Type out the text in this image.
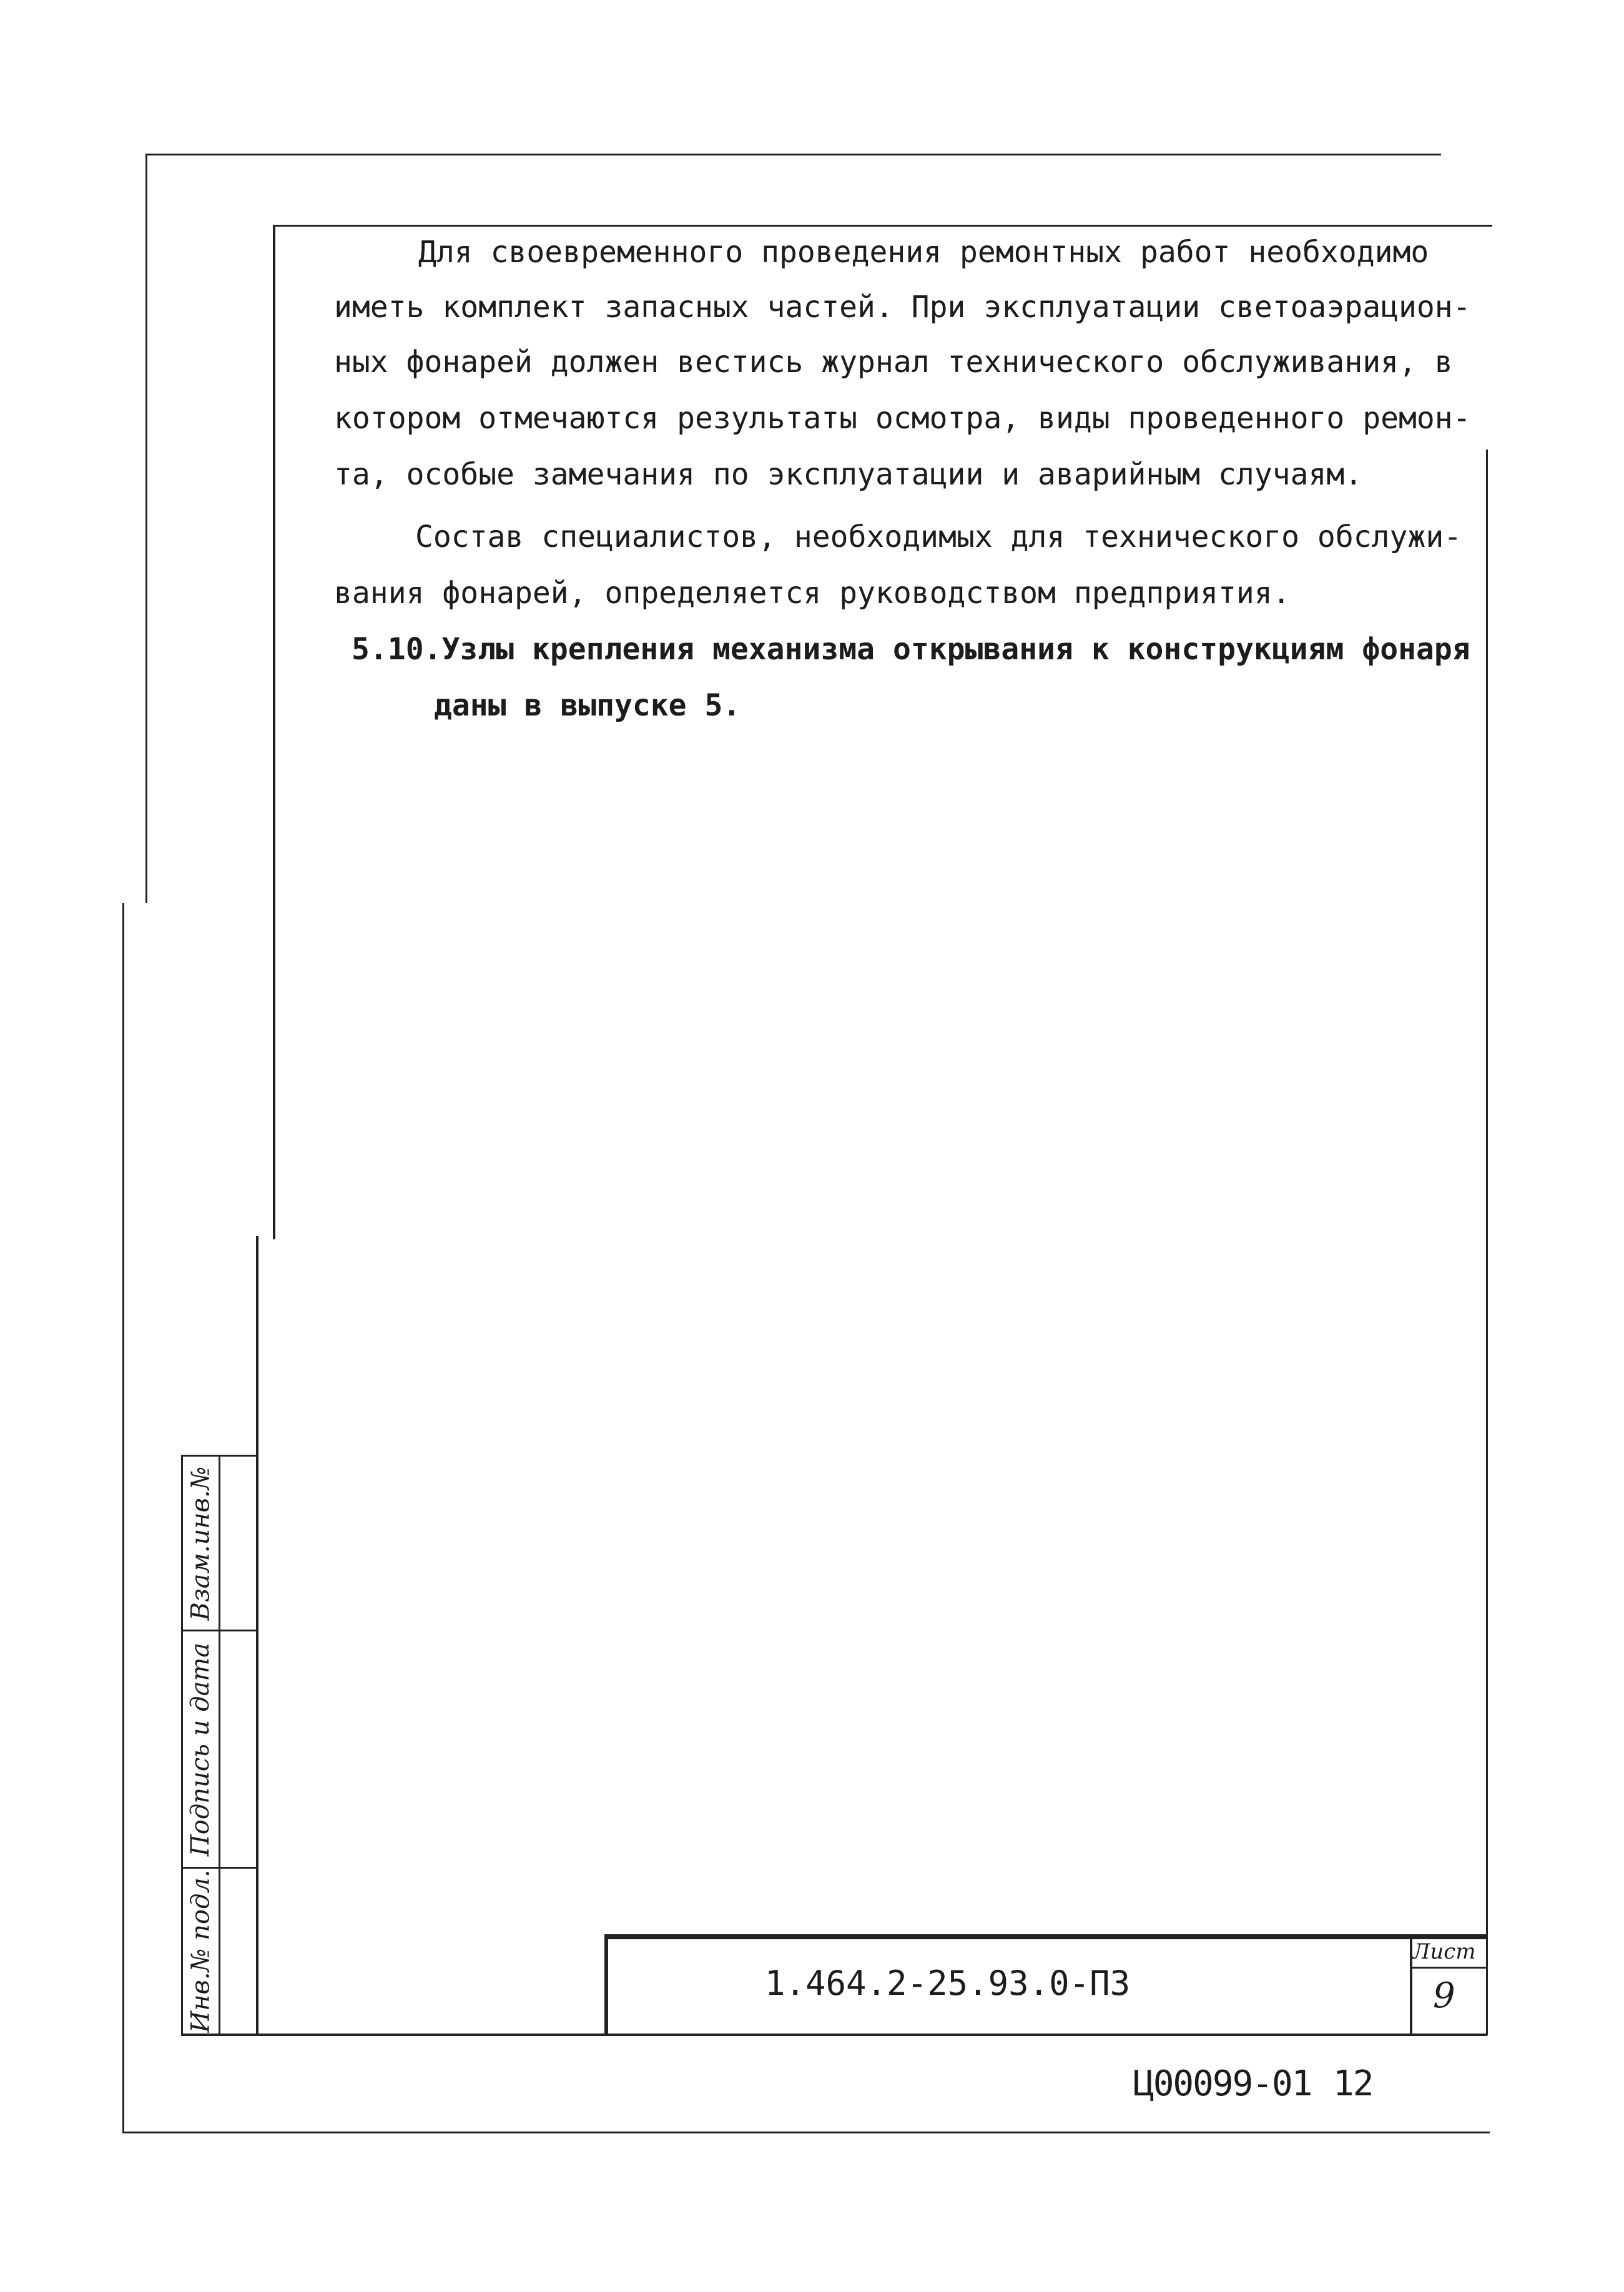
Для своевременного проведения ремонтных работ необходимо
иметь комплект запасных частей. При эксплуатации светоаэрацион-
ных фонарей должен вестись журнал технического обслуживания, в
котором отмечаются результаты осмотра, виды проведенного ремон-
та, особые замечания по эксплуатации и аварийным случаям.
Состав специалистов, необходимых для технического обслужи-
вания фонарей, определяется руководством предприятия.
5.10.Узлы крепления механизма открывания к конструкциям фонаря
даны в выпуске 5.
Взам.инв.№
Подпись и дата
Инв.№ подл.	1.464.2-25.93.0-ПЗ
Лист
9
Ц00099-01 12
